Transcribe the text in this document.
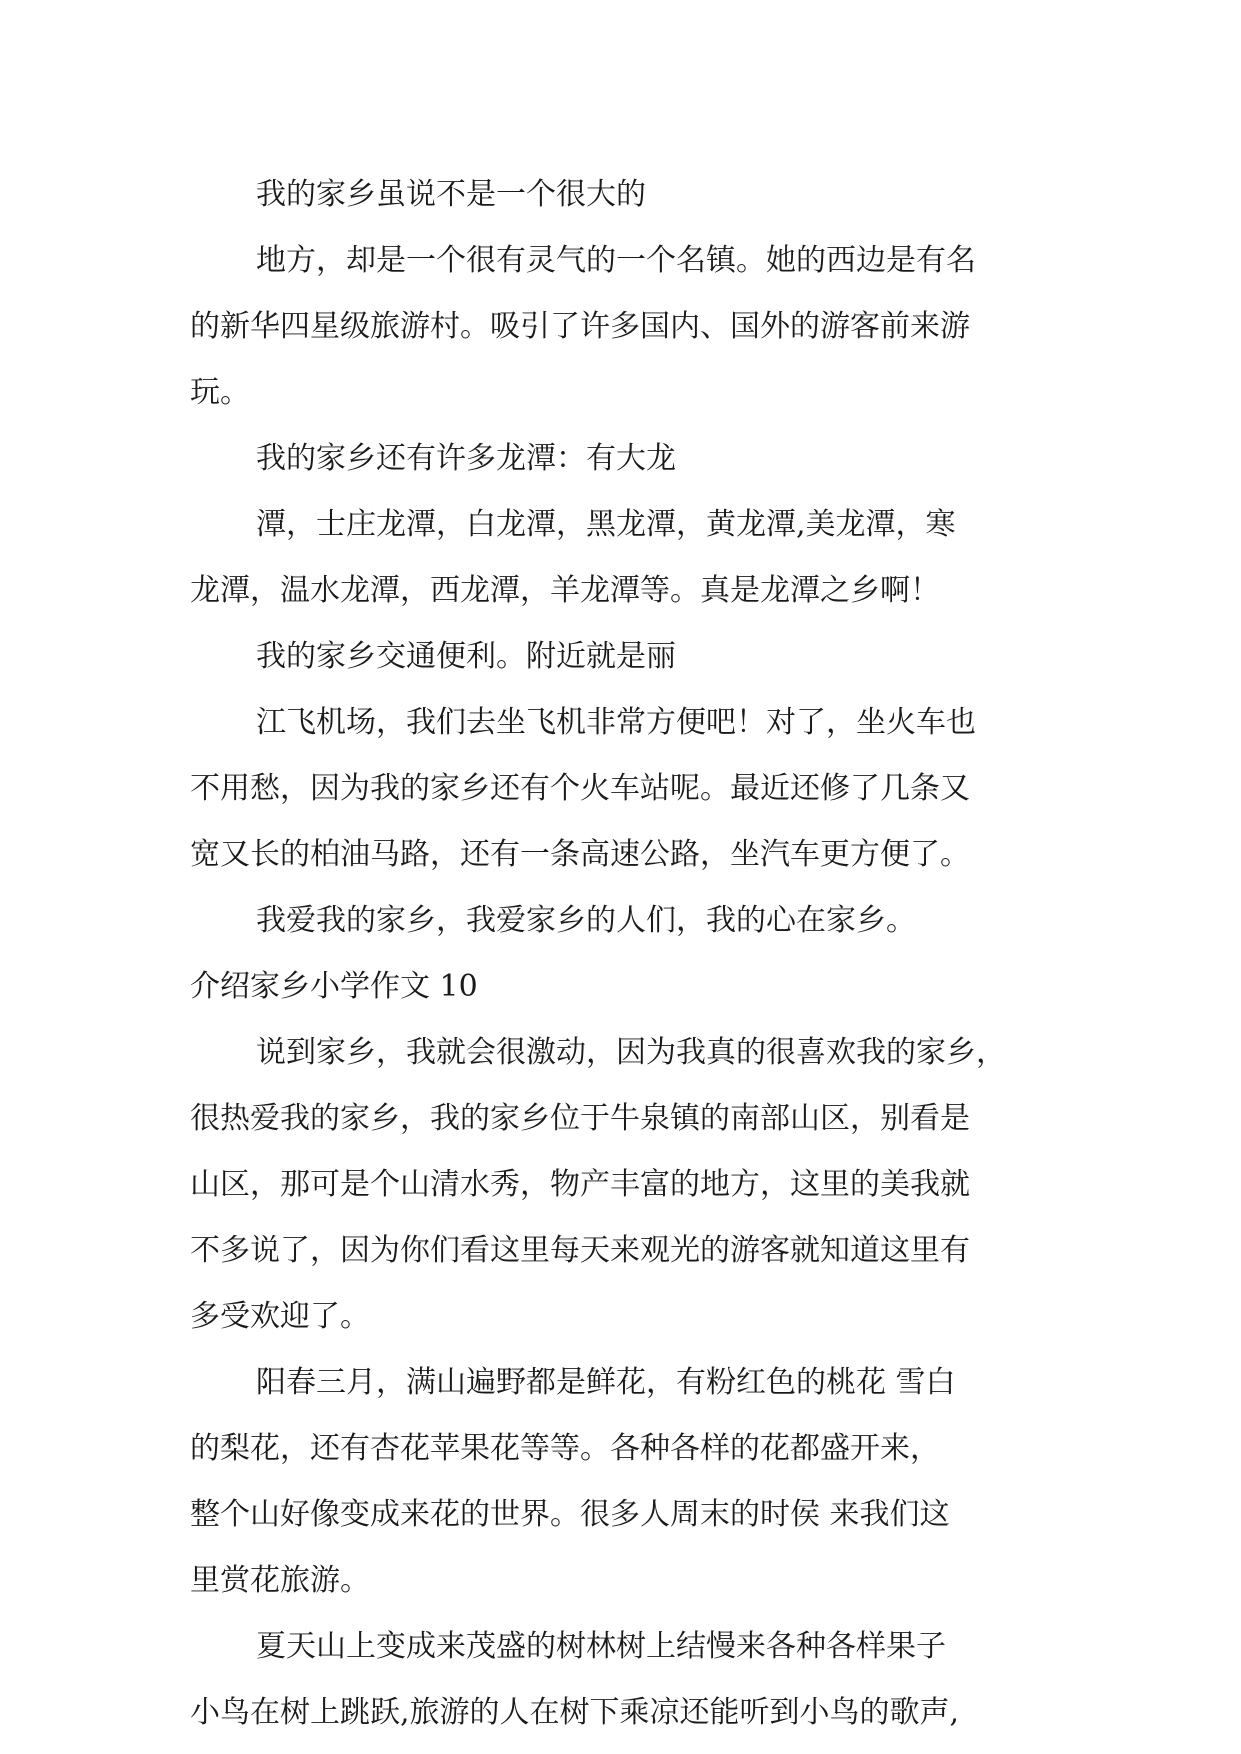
我的家乡虽说不是一个很大的
地方，却是一个很有灵气的一个名镇。她的西边是有名
的新华四星级旅游村。吸引了许多国内、国外的游客前来游
玩。
我的家乡还有许多龙潭：有大龙
潭，士庄龙潭，白龙潭，黑龙潭，黄龙潭,美龙潭，寒
龙潭，温水龙潭，西龙潭，羊龙潭等。真是龙潭之乡啊！
我的家乡交通便利。附近就是丽
江飞机场，我们去坐飞机非常方便吧！对了，坐火车也
不用愁，因为我的家乡还有个火车站呢。最近还修了几条又
宽又长的柏油马路，还有一条高速公路，坐汽车更方便了。
我爱我的家乡，我爱家乡的人们，我的心在家乡。
介绍家乡小学作文 10
说到家乡，我就会很激动，因为我真的很喜欢我的家乡，
很热爱我的家乡，我的家乡位于牛泉镇的南部山区，别看是
山区，那可是个山清水秀，物产丰富的地方，这里的美我就
不多说了，因为你们看这里每天来观光的游客就知道这里有
多受欢迎了。
阳春三月，满山遍野都是鲜花，有粉红色的桃花 雪白
的梨花，还有杏花苹果花等等。各种各样的花都盛开来，
整个山好像变成来花的世界。很多人周末的时侯 来我们这
里赏花旅游。
夏天山上变成来茂盛的树林树上结慢来各种各样果子
小鸟在树上跳跃,旅游的人在树下乘凉还能听到小鸟的歌声,
